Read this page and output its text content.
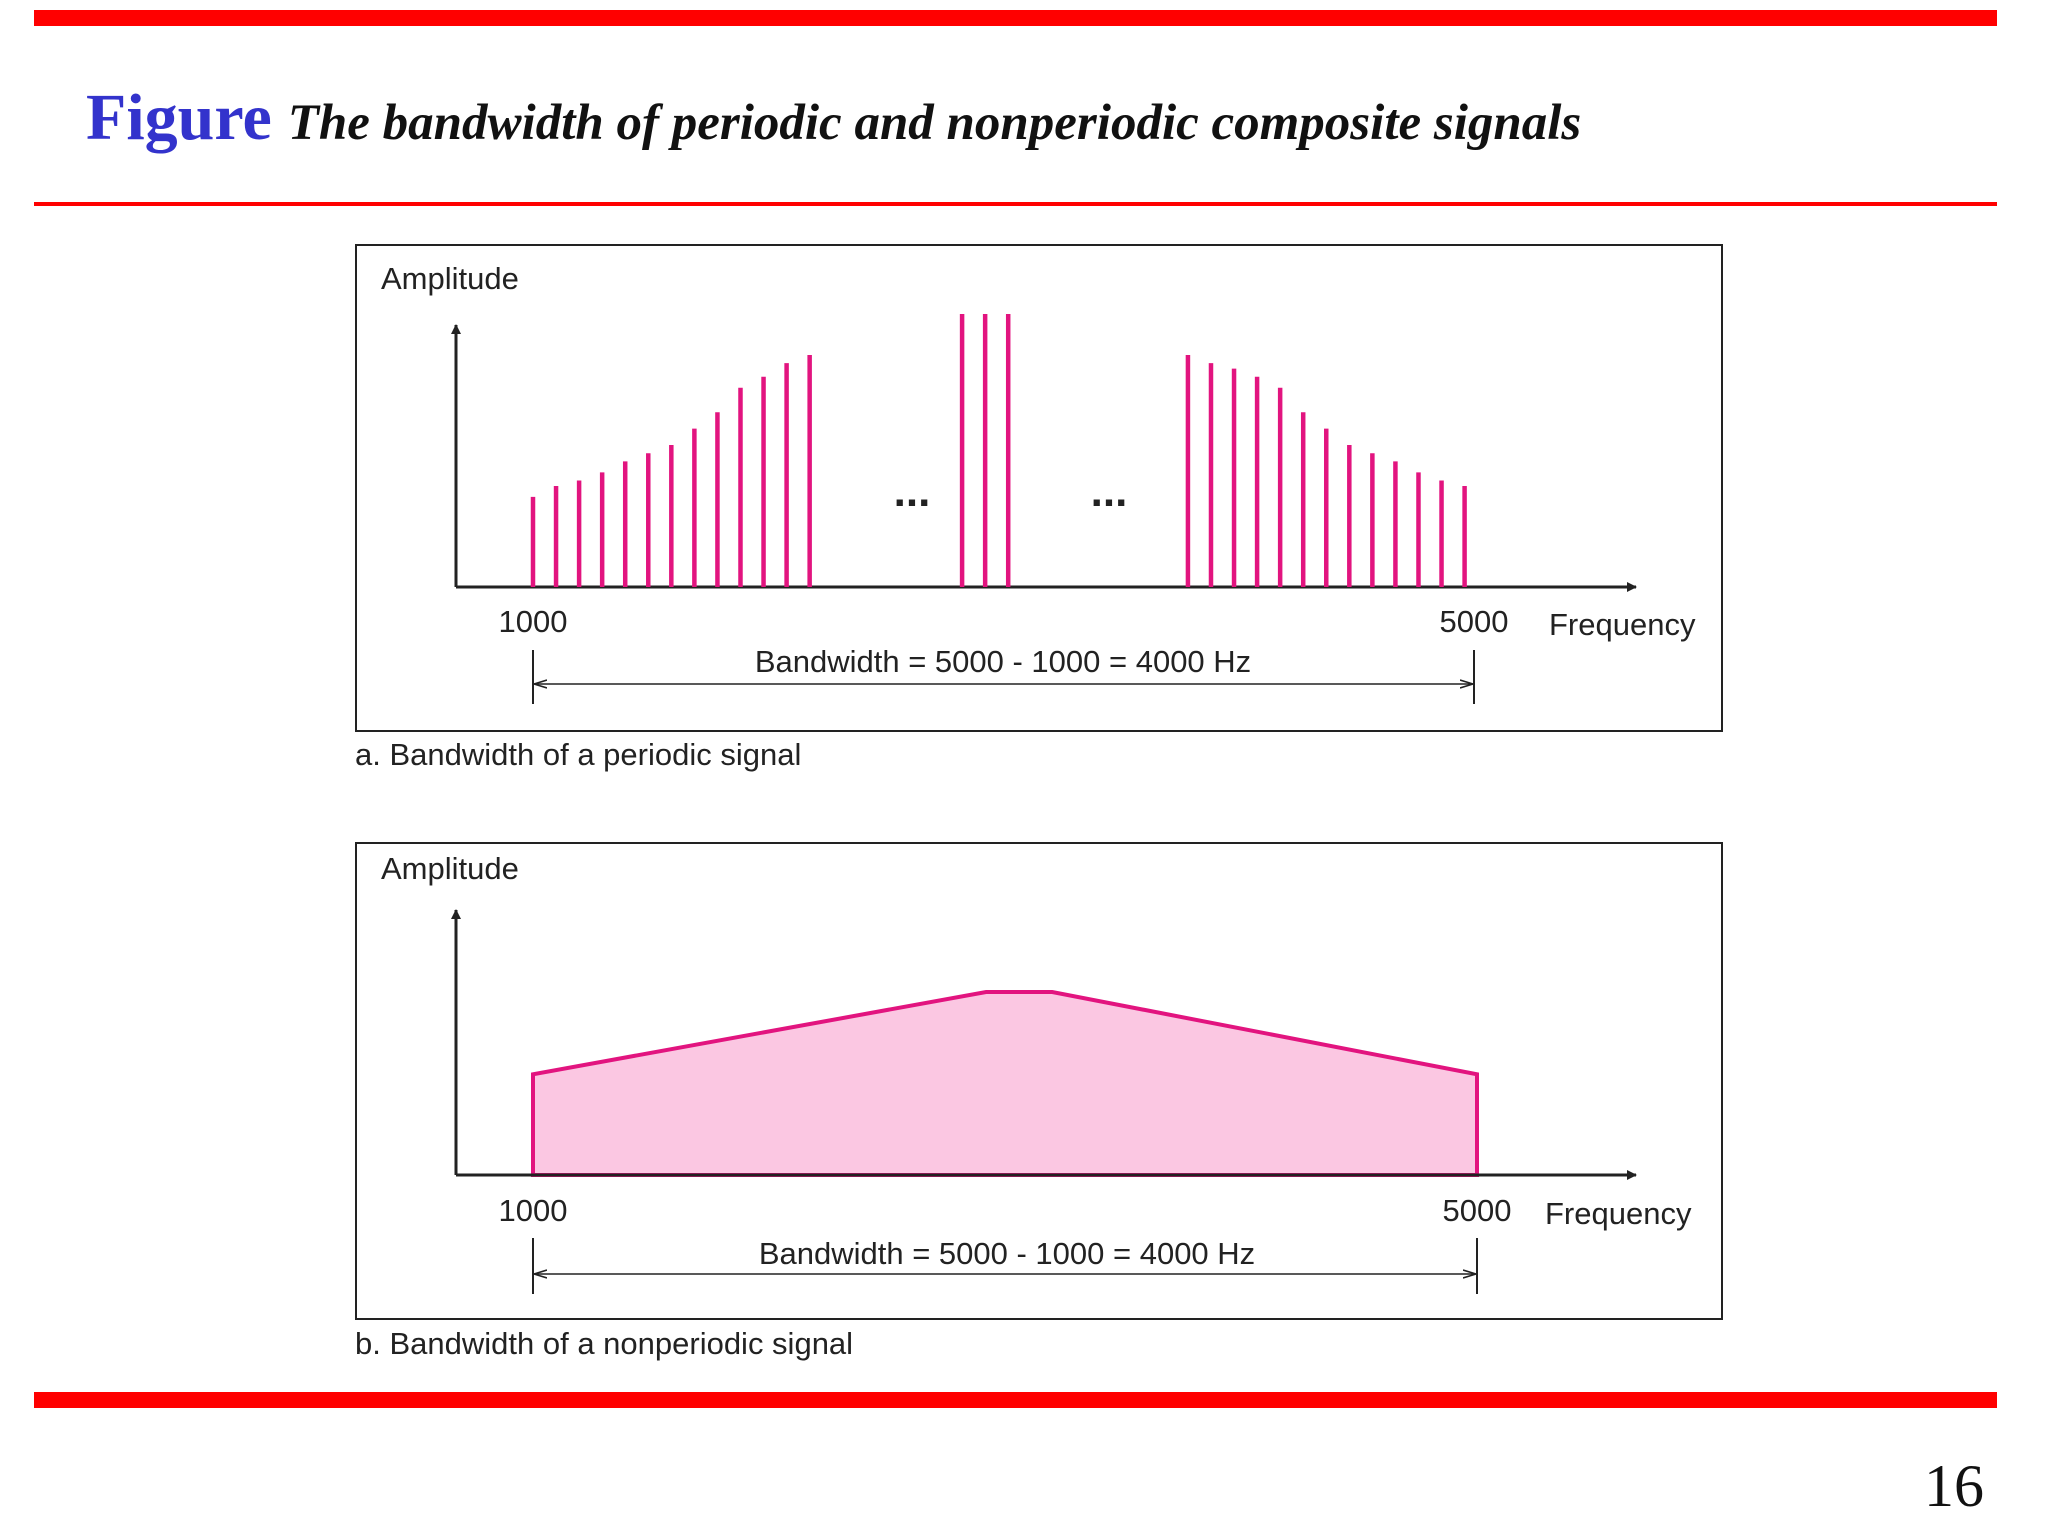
Figure The bandwidth of periodic and nonperiodic composite signals
a. Bandwidth of a periodic signal
b. Bandwidth of a nonperiodic signal
Amplitude
Frequency
1000	5000
...	...
Bandwidth = 5000 - 1000 = 4000 Hz
Amplitude
Frequency
1000	5000
Bandwidth = 5000 - 1000 = 4000 Hz
16
